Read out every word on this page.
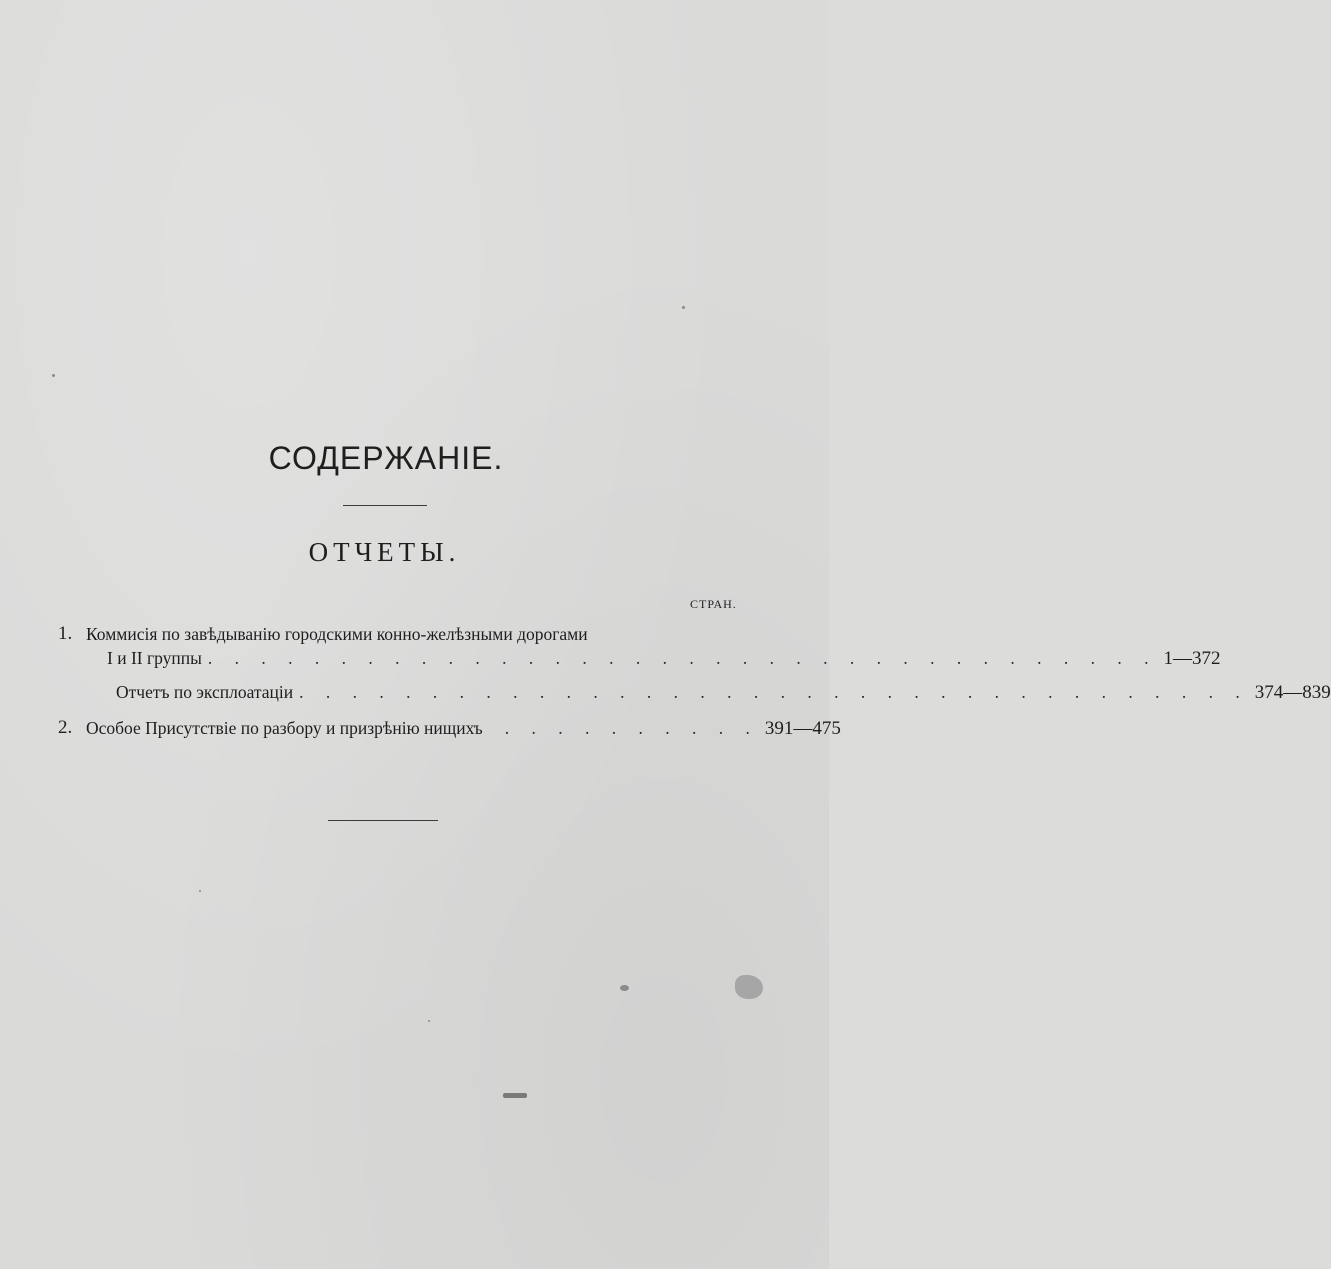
СОДЕРЖАНІЕ.
ОТЧЕТЫ.
СТРАН.
1. Коммисія по завѣдыванію городскими конно-желѣзными дорогами
I и II группы . . . . . . . . . . . . . . . . . . . . . . . . . . . . . . . . . . . . 1—372
Отчетъ по эксплоатаціи . . . . . . . . . . . . . . . . . . . . . . . . . . . . . . . . . . . . 374—839
2. Особое Присутствіе по разбору и призрѣнію нищихъ	. . . . . . . . . . 391—475
